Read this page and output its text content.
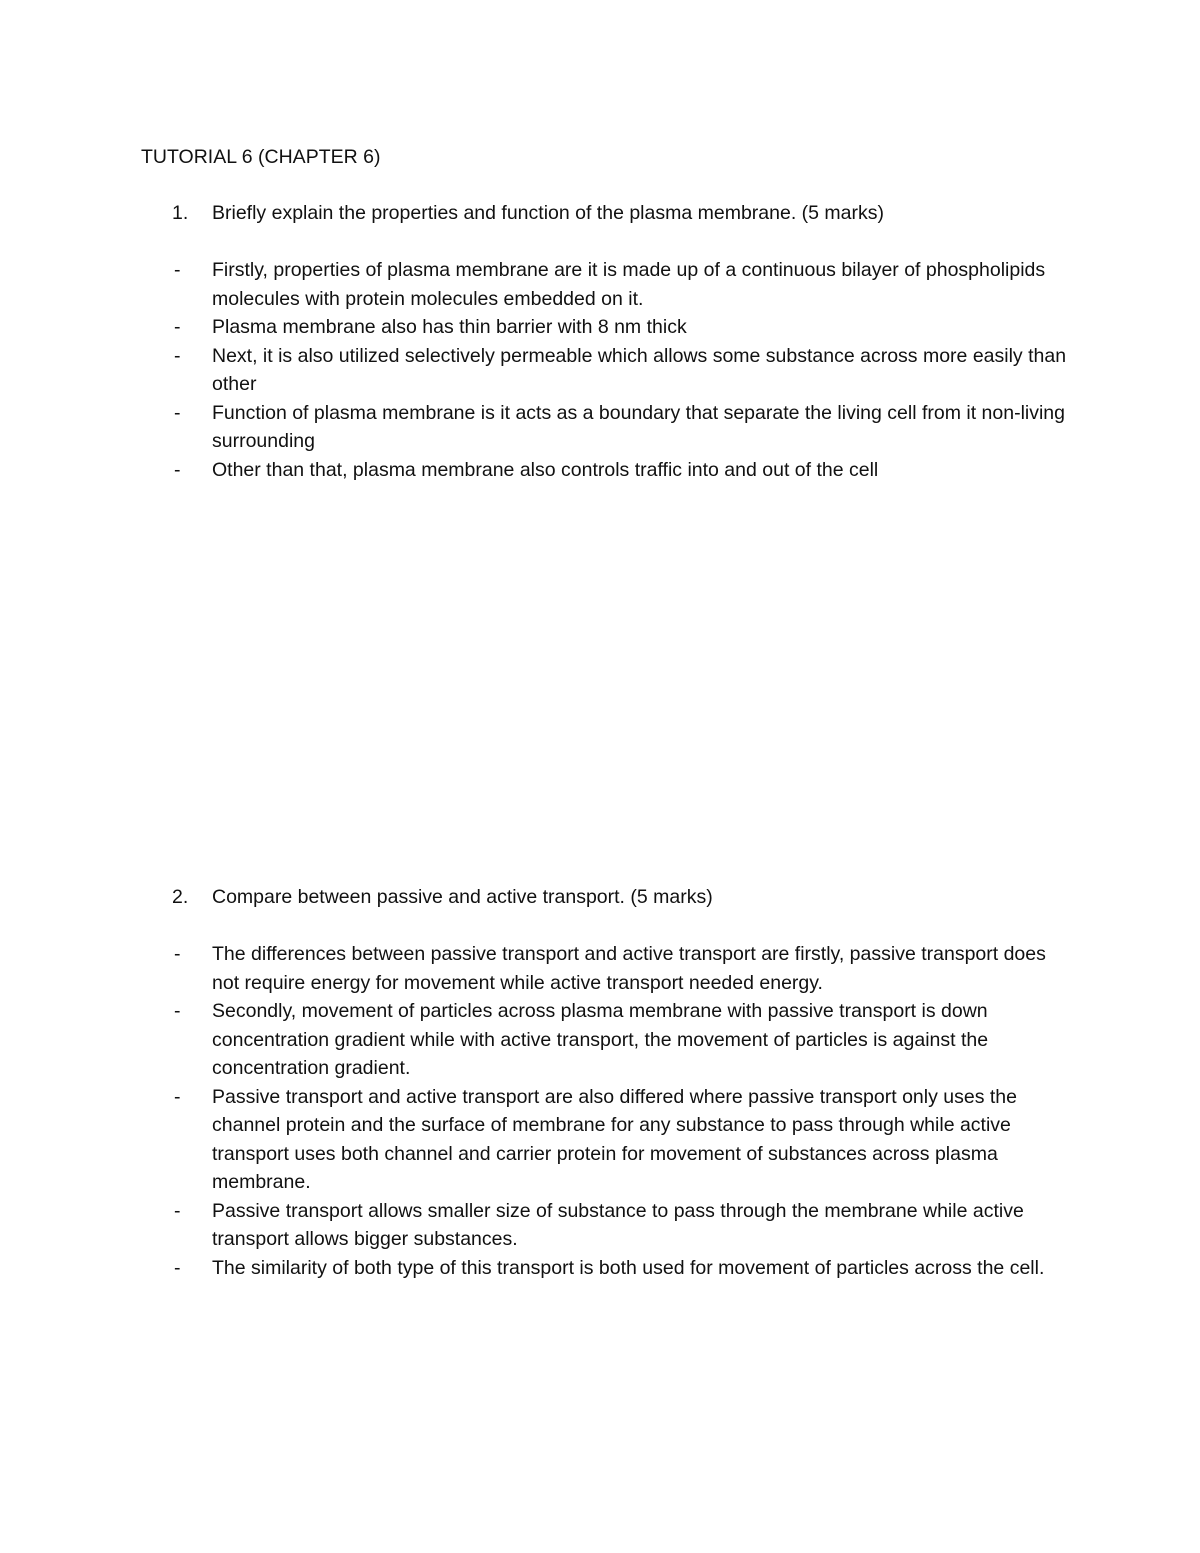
TUTORIAL 6 (CHAPTER 6)
1. Briefly explain the properties and function of the plasma membrane. (5 marks)
- Firstly, properties of plasma membrane are it is made up of a continuous bilayer of phospholipids molecules with protein molecules embedded on it.
- Plasma membrane also has thin barrier with 8 nm thick
- Next, it is also utilized selectively permeable which allows some substance across more easily than other
- Function of plasma membrane is it acts as a boundary that separate the living cell from it non-living surrounding
- Other than that, plasma membrane also controls traffic into and out of the cell
2. Compare between passive and active transport. (5 marks)
- The differences between passive transport and active transport are firstly, passive transport does not require energy for movement while active transport needed energy.
- Secondly, movement of particles across plasma membrane with passive transport is down concentration gradient while with active transport, the movement of particles is against the concentration gradient.
- Passive transport and active transport are also differed where passive transport only uses the channel protein and the surface of membrane for any substance to pass through while active transport uses both channel and carrier protein for movement of substances across plasma membrane.
- Passive transport allows smaller size of substance to pass through the membrane while active transport allows bigger substances.
- The similarity of both type of this transport is both used for movement of particles across the cell.
